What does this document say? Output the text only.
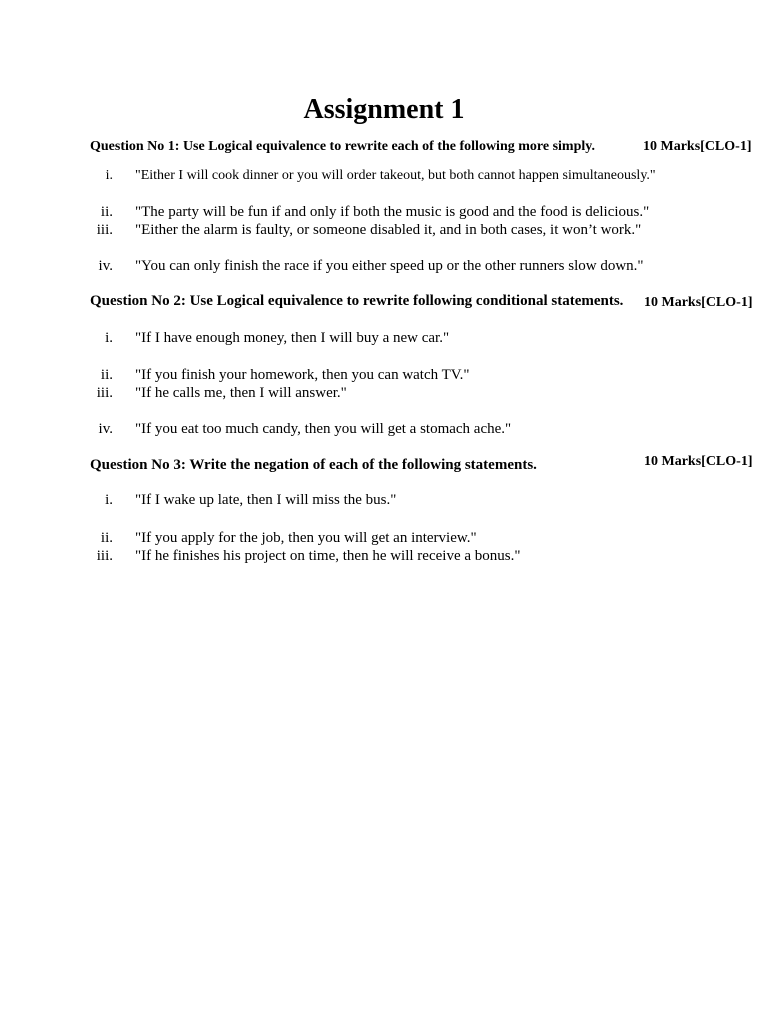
Assignment 1
Question No 1: Use Logical equivalence to rewrite each of the following more simply.	10 Marks[CLO-1]
i. "Either I will cook dinner or you will order takeout, but both cannot happen simultaneously."
ii. "The party will be fun if and only if both the music is good and the food is delicious."
iii. "Either the alarm is faulty, or someone disabled it, and in both cases, it won’t work."
iv. "You can only finish the race if you either speed up or the other runners slow down."
Question No 2: Use Logical equivalence to rewrite following conditional statements. 10 Marks[CLO-1]
i. "If I have enough money, then I will buy a new car."
ii. "If you finish your homework, then you can watch TV."
iii. "If he calls me, then I will answer."
iv. "If you eat too much candy, then you will get a stomach ache."
Question No 3: Write the negation of each of the following statements.	10 Marks[CLO-1]
i. "If I wake up late, then I will miss the bus."
ii. "If you apply for the job, then you will get an interview."
iii. "If he finishes his project on time, then he will receive a bonus."
